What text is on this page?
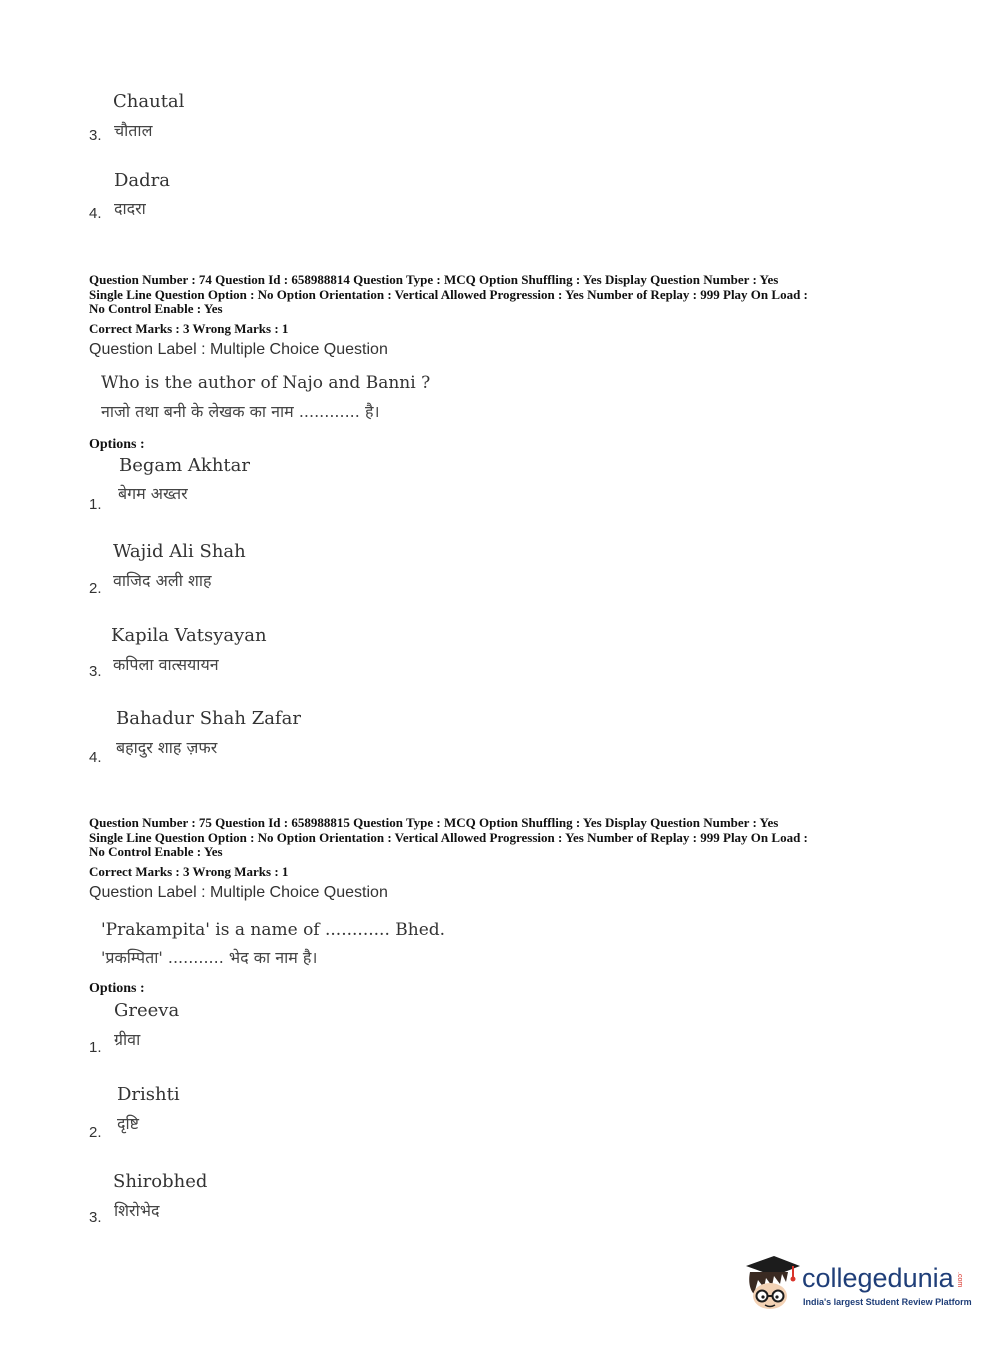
Chautal
3. चौताल
Dadra
4. दादरा
Question Number : 74 Question Id : 658988814 Question Type : MCQ Option Shuffling : Yes Display Question Number : Yes
Single Line Question Option : No Option Orientation : Vertical Allowed Progression : Yes Number of Replay : 999 Play On Load :
No Control Enable : Yes
Correct Marks : 3 Wrong Marks : 1
Question Label : Multiple Choice Question
Who is the author of Najo and Banni ?
नाजो तथा बनी के लेखक का नाम ............ है।
Options :
Begam Akhtar
बेगम अख्तर
1.
Wajid Ali Shah
वाजिद अली शाह
2.
Kapila Vatsyayan
कपिला वात्सयायन
3.
Bahadur Shah Zafar
बहादुर शाह ज़फर
4.
Question Number : 75 Question Id : 658988815 Question Type : MCQ Option Shuffling : Yes Display Question Number : Yes
Single Line Question Option : No Option Orientation : Vertical Allowed Progression : Yes Number of Replay : 999 Play On Load :
No Control Enable : Yes
Correct Marks : 3 Wrong Marks : 1
Question Label : Multiple Choice Question
'Prakampita' is a name of ............ Bhed.
'प्रकम्पिता' ........... भेद का नाम है।
Options :
Greeva
ग्रीवा
1.
Drishti
दृष्टि
2.
Shirobhed
शिरोभेद
3.
collegedunia .com
India's largest Student Review Platform
